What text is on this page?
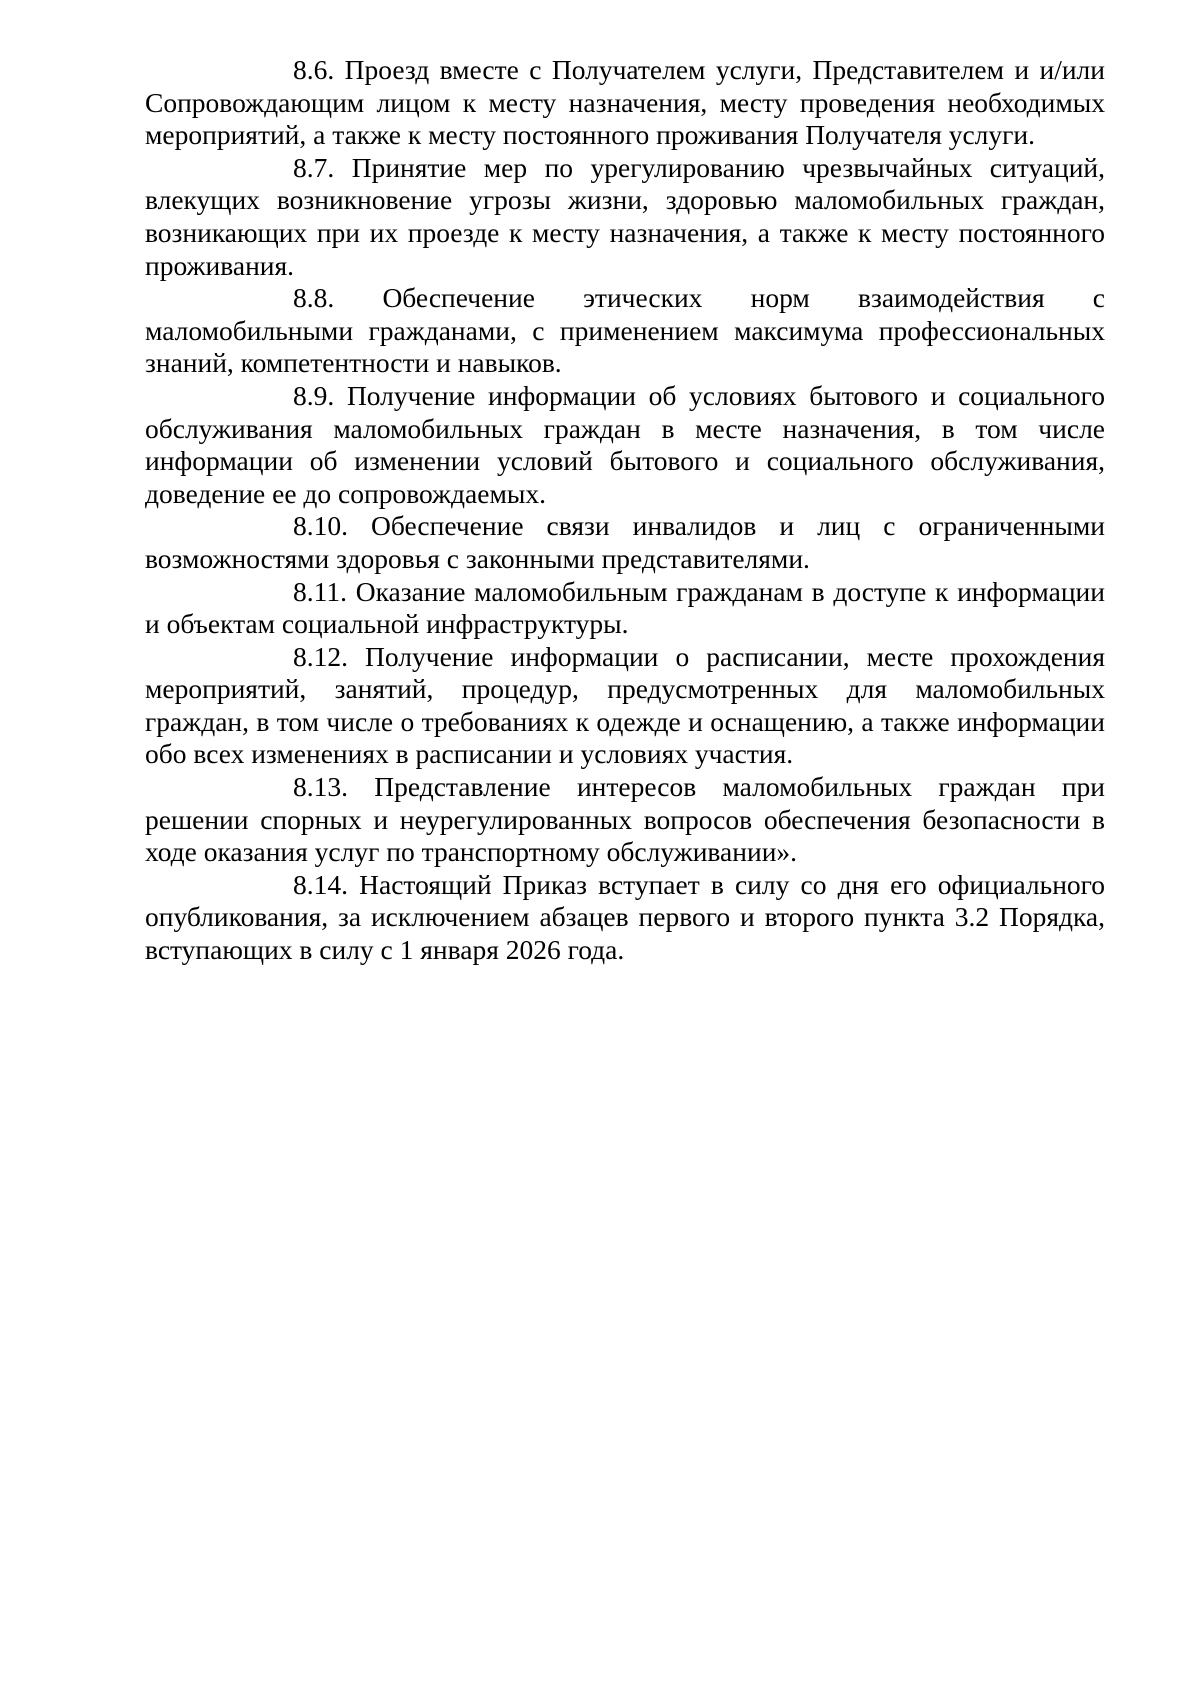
8.6. Проезд вместе с Получателем услуги, Представителем и и/или Сопровождающим лицом к месту назначения, месту проведения необходимых мероприятий, а также к месту постоянного проживания Получателя услуги.

8.7. Принятие мер по урегулированию чрезвычайных ситуаций, влекущих возникновение угрозы жизни, здоровью маломобильных граждан, возникающих при их проезде к месту назначения, а также к месту постоянного проживания.

8.8. Обеспечение этических норм взаимодействия с маломобильными гражданами, с применением максимума профессиональных знаний, компетентности и навыков.

8.9. Получение информации об условиях бытового и социального обслуживания маломобильных граждан в месте назначения, в том числе информации об изменении условий бытового и социального обслуживания, доведение ее до сопровождаемых.

8.10. Обеспечение связи инвалидов и лиц с ограниченными возможностями здоровья с законными представителями.

8.11. Оказание маломобильным гражданам в доступе к информации и объектам социальной инфраструктуры.

8.12. Получение информации о расписании, месте прохождения мероприятий, занятий, процедур, предусмотренных для маломобильных граждан, в том числе о требованиях к одежде и оснащению, а также информации обо всех изменениях в расписании и условиях участия.

8.13. Представление интересов маломобильных граждан при решении спорных и неурегулированных вопросов обеспечения безопасности в ходе оказания услуг по транспортному обслуживании».

8.14. Настоящий Приказ вступает в силу со дня его официального опубликования, за исключением абзацев первого и второго пункта 3.2 Порядка, вступающих в силу с 1 января 2026 года.
